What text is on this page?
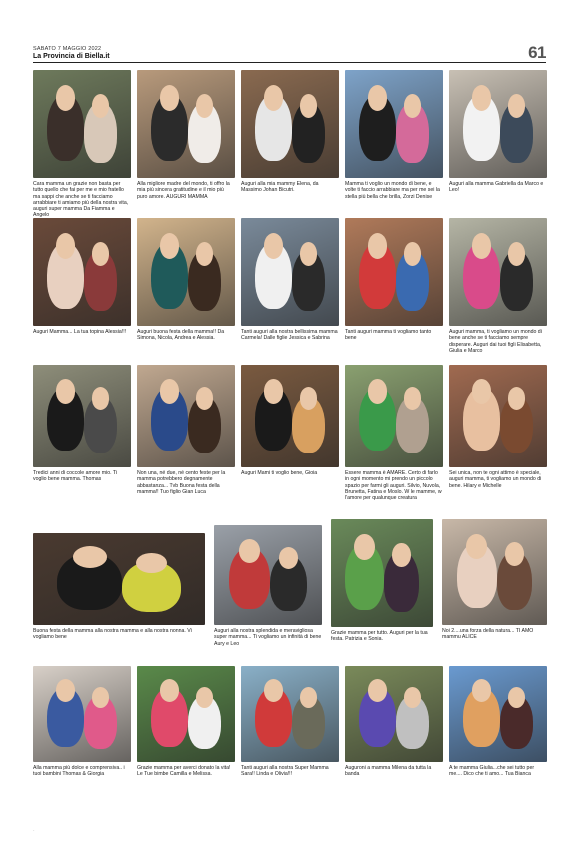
SABATO 7 MAGGIO 2022
La Provincia di Biella.it	61
Cara mamma un grazie non basta per tutto quello che fai per me e mio fratello ma sappi che anche se ti facciamo arrabbiare ti amiamo più della nostra vita, auguri super mamma Da Fiamma e Angelo
Alla migliore madre del mondo, ti offro la mia più sincera gratitudine e il mio più puro amore. AUGURI MAMMA
Auguri alla mia mammy Elena, da Massimo Johan Bicutri.
Mamma ti voglio un mondo di bene, e volte ti faccio arrabbiare ma per me sei la stella più bella che brilla, Zorzi Denise
Auguri alla mamma Gabriella da Marco e Leo!
Auguri Mamma... La tua topina Alessia!!!	Auguri buona festa della mamma!! Da Simona, Nicola, Andrea e Alessia.
Tanti auguri alla nostra bellissima mamma Carmela! Dalle figlie Jessica e Sabrina
Tanti auguri mamma ti vogliamo tanto bene
Auguri mamma, ti vogliamo un mondo di bene anche se ti facciamo sempre disperare. Auguri dai tuoi figli Elisabetta, Giulia e Marco
Tredici anni di coccole amore mio. Ti voglio bene mamma. Thomas
Non una, né due, né cento feste per la mamma potrebbero degnamente abbastanza... Tvb Buona festa della mamma!! Tuo figlio Gian Luca
Auguri Mami ti voglio bene, Gioia	Essere mamma è AMARE. Certo di farlo in ogni momento mi prendo un piccolo spazio per farmi gli auguri. Silvio, Nuvola, Brunetta, Fatina e Moslo. W le mamme, w l'amore per qualunque creatura
Sei unica, non te ogni attimo è speciale, auguri mamma, ti vogliamo un mondo di bene. Hilary e Michelle
Buona festa della mamma alla nostra mamma e alla nostra nonna. Vi vogliamo bene
Auguri alla nostra splendida e meravigliosa super mamma... Ti vogliamo un infinità di bene Aury e Leo
Grazie mamma per tutto. Auguri per la tua festa. Patrizia e Sonia.
Noi 2....una forza della natura... TI AMO mammu ALICE
Alla mamma più dolce e comprensiva.. i tuoi bambini Thomas & Giorgia
Grazie mamma per averci donato la vita! Le Tue bimbe Camilla e Melissa.
Tanti auguri alla nostra Super Mamma Sara!! Linda e Olivia!!!
Auguroni a mamma Milena da tutta la banda
A te mamma Giulia...che sei tutto per me.... Dico che ti amo... Tua Bianca
·
